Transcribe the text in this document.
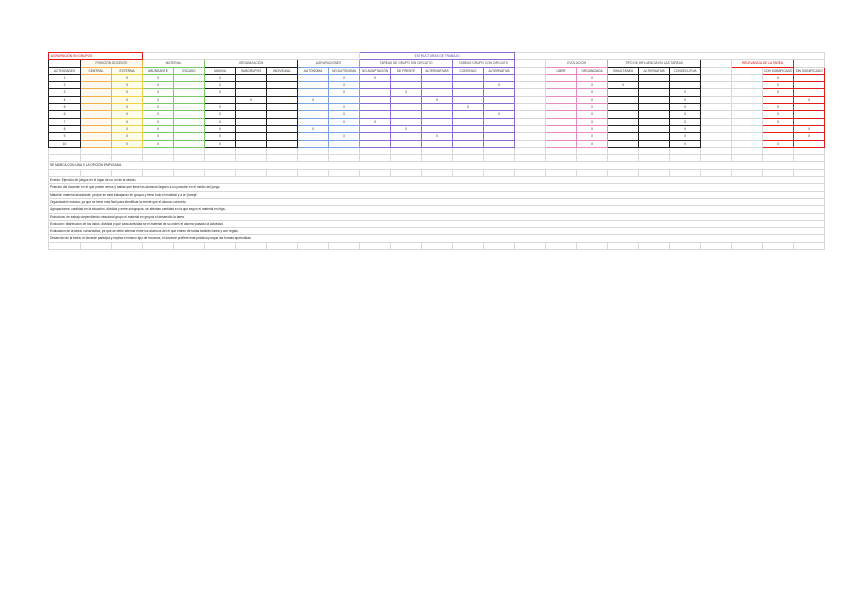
AGRUPACIÓN EN GRUPOS										ESTRUCTURAS DE TRABAJO														
	POSICIÓN DOCENTE		MATERIAL		ORGANIZACIÓN			AGRUPACIONES		TAREAS DE GRUPO SIN CIRCUITO			TAREAS GRUPO CON CIRCUITO			EVOLUCIÓN		TIPO DE INFLUENCIA EN LAS TAREAS				RELEVANCIA DE LA TAREA		
ACTIVIDADES	CENTRAL	EXTERNA	ABUNDANTE	ESCASO	MASIVA	SUBGRUPOS	INDIVIDUAL	AUTÓNOMA	NO AUTÓNOMA	NO ADAPTACIÓN	DE FRENTE	ALTERNATIVAS	CONTINUO	ALTERNATIVA		LIBRE	ORGANIZADA	SIMULTÁNEA	ALTERNATIVA	CONSECUTIVA			CON SIGNIFICADO	SIN SIGNIFICADO
1		X	X		X				X	X							X						X	
2		X	X		X				X					X			X	X					X	
3		X	X		X				X		X						X			X			X	
4		X	X			X		X				X					X			X				X
5		X	X		X				X				X				X			X			X	
6		X	X		X				X					X			X			X			X	
7		X	X		X				X	X							X			X			X	
8		X	X		X			X			X						X			X				X
9		X	X		X				X			X					X			X				X
10		X	X		X												X			X			X	

SE MARCA CON UNA X LA OPCIÓN EMPLEADA.																								

Evento: Ejercicio de juegos en el lugar de un rol de la sesión.																								
Posición del docente: en el que puede verlos y hablar que tiene los alumnos lleguen a su posición en el medio del juego.																								
Material: material abundante, ya que se está trabajando en grupos y tiene todo el material y a la "pareja".																								
Organización masiva, ya que se tiene más fácil para identificar la mente que el alumno concreto.																								
Agrupaciones: cantidad en la situación, dividida y entre subgrupos, se alternan cantidad en la que según el material en biga.																								
Estructura: de trabajo dependiendo rotacional grupo el material en grupos el desarrollo la tarea.																								
Evolución: distribución de los lados, dividida y que cada actividad se el material de su orden el alumno pasado la actividad.																								
Evaluación de la tarea: consecutiva, ya que se debe alternar entre los alumnos del el que entren de todas también tarea y con reglas.																								
Desarrollo de la tarea: el docente participa y explica el mismo tipo de recursos, el docente prefiere más práctica porque las formas aprendidas.																								
